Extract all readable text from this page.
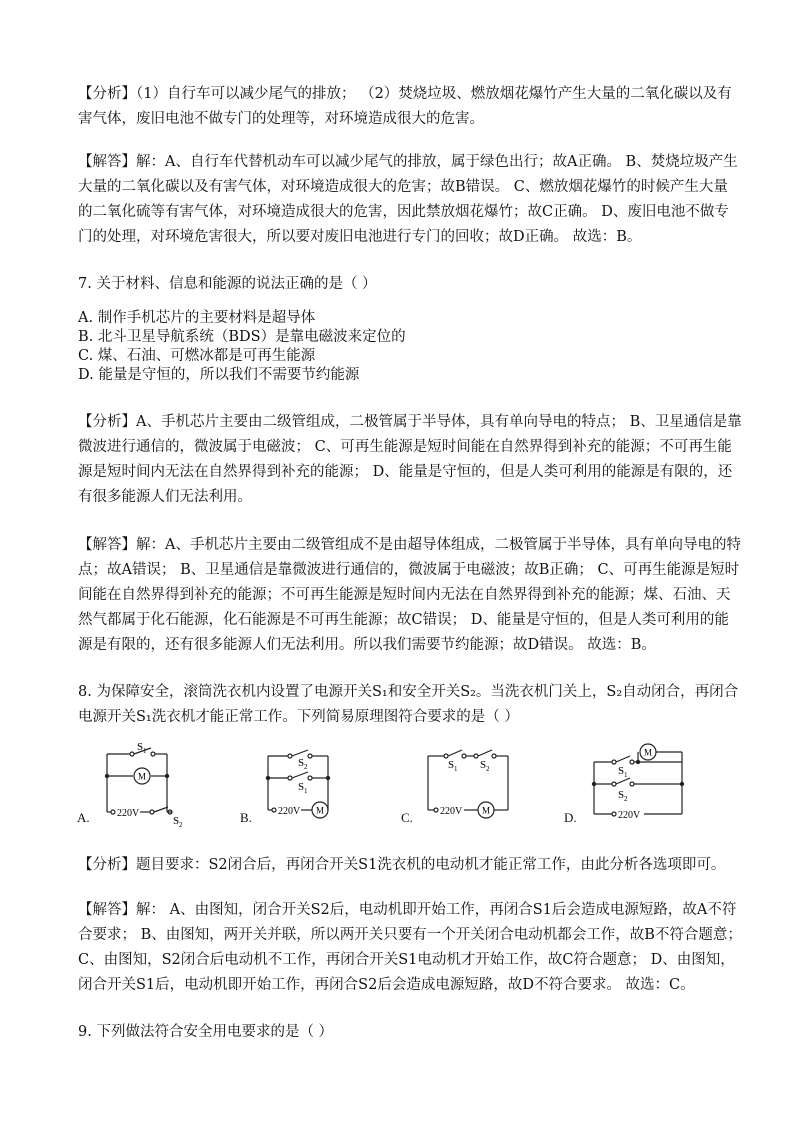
【分析】（1）自行车可以减少尾气的排放； （2）焚烧垃圾、燃放烟花爆竹产生大量的二氧化碳以及有
害气体，废旧电池不做专门的处理等，对环境造成很大的危害。

【解答】解：A、自行车代替机动车可以减少尾气的排放，属于绿色出行；故A正确。 B、焚烧垃圾产生
大量的二氧化碳以及有害气体，对环境造成很大的危害；故B错误。 C、燃放烟花爆竹的时候产生大量
的二氧化硫等有害气体，对环境造成很大的危害，因此禁放烟花爆竹；故C正确。 D、废旧电池不做专
门的处理，对环境危害很大，所以要对废旧电池进行专门的回收；故D正确。 故选：B。

7. 关于材料、信息和能源的说法正确的是（ ）

A. 制作手机芯片的主要材料是超导体
B. 北斗卫星导航系统（BDS）是靠电磁波来定位的
C. 煤、石油、可燃冰都是可再生能源
D. 能量是守恒的，所以我们不需要节约能源

【分析】A、手机芯片主要由二级管组成，二极管属于半导体，具有单向导电的特点； B、卫星通信是靠
微波进行通信的，微波属于电磁波； C、可再生能源是短时间能在自然界得到补充的能源；不可再生能
源是短时间内无法在自然界得到补充的能源； D、能量是守恒的，但是人类可利用的能源是有限的，还
有很多能源人们无法利用。

【解答】解：A、手机芯片主要由二级管组成不是由超导体组成，二极管属于半导体，具有单向导电的特
点；故A错误； B、卫星通信是靠微波进行通信的，微波属于电磁波；故B正确； C、可再生能源是短时
间能在自然界得到补充的能源；不可再生能源是短时间内无法在自然界得到补充的能源；煤、石油、天
然气都属于化石能源，化石能源是不可再生能源；故C错误； D、能量是守恒的，但是人类可利用的能
源是有限的，还有很多能源人们无法利用。所以我们需要节约能源；故D错误。 故选：B。

8. 为保障安全，滚筒洗衣机内设置了电源开关S₁和安全开关S₂。当洗衣机门关上，S₂自动闭合，再闭合
电源开关S₁洗衣机才能正常工作。下列简易原理图符合要求的是（ ）

S 1
M
220V
S 2
S 2
S 1
220V M
S 1 S 2
220V M
S 1
S 2
M
220V
A.	B.	C.	D.

【分析】题目要求：S2闭合后，再闭合开关S1洗衣机的电动机才能正常工作，由此分析各选项即可。

【解答】解： A、由图知，闭合开关S2后，电动机即开始工作，再闭合S1后会造成电源短路，故A不符
合要求； B、由图知，两开关并联，所以两开关只要有一个开关闭合电动机都会工作，故B不符合题意；
C、由图知，S2闭合后电动机不工作，再闭合开关S1电动机才开始工作，故C符合题意； D、由图知，
闭合开关S1后，电动机即开始工作，再闭合S2后会造成电源短路，故D不符合要求。 故选：C。

9. 下列做法符合安全用电要求的是（ ）
